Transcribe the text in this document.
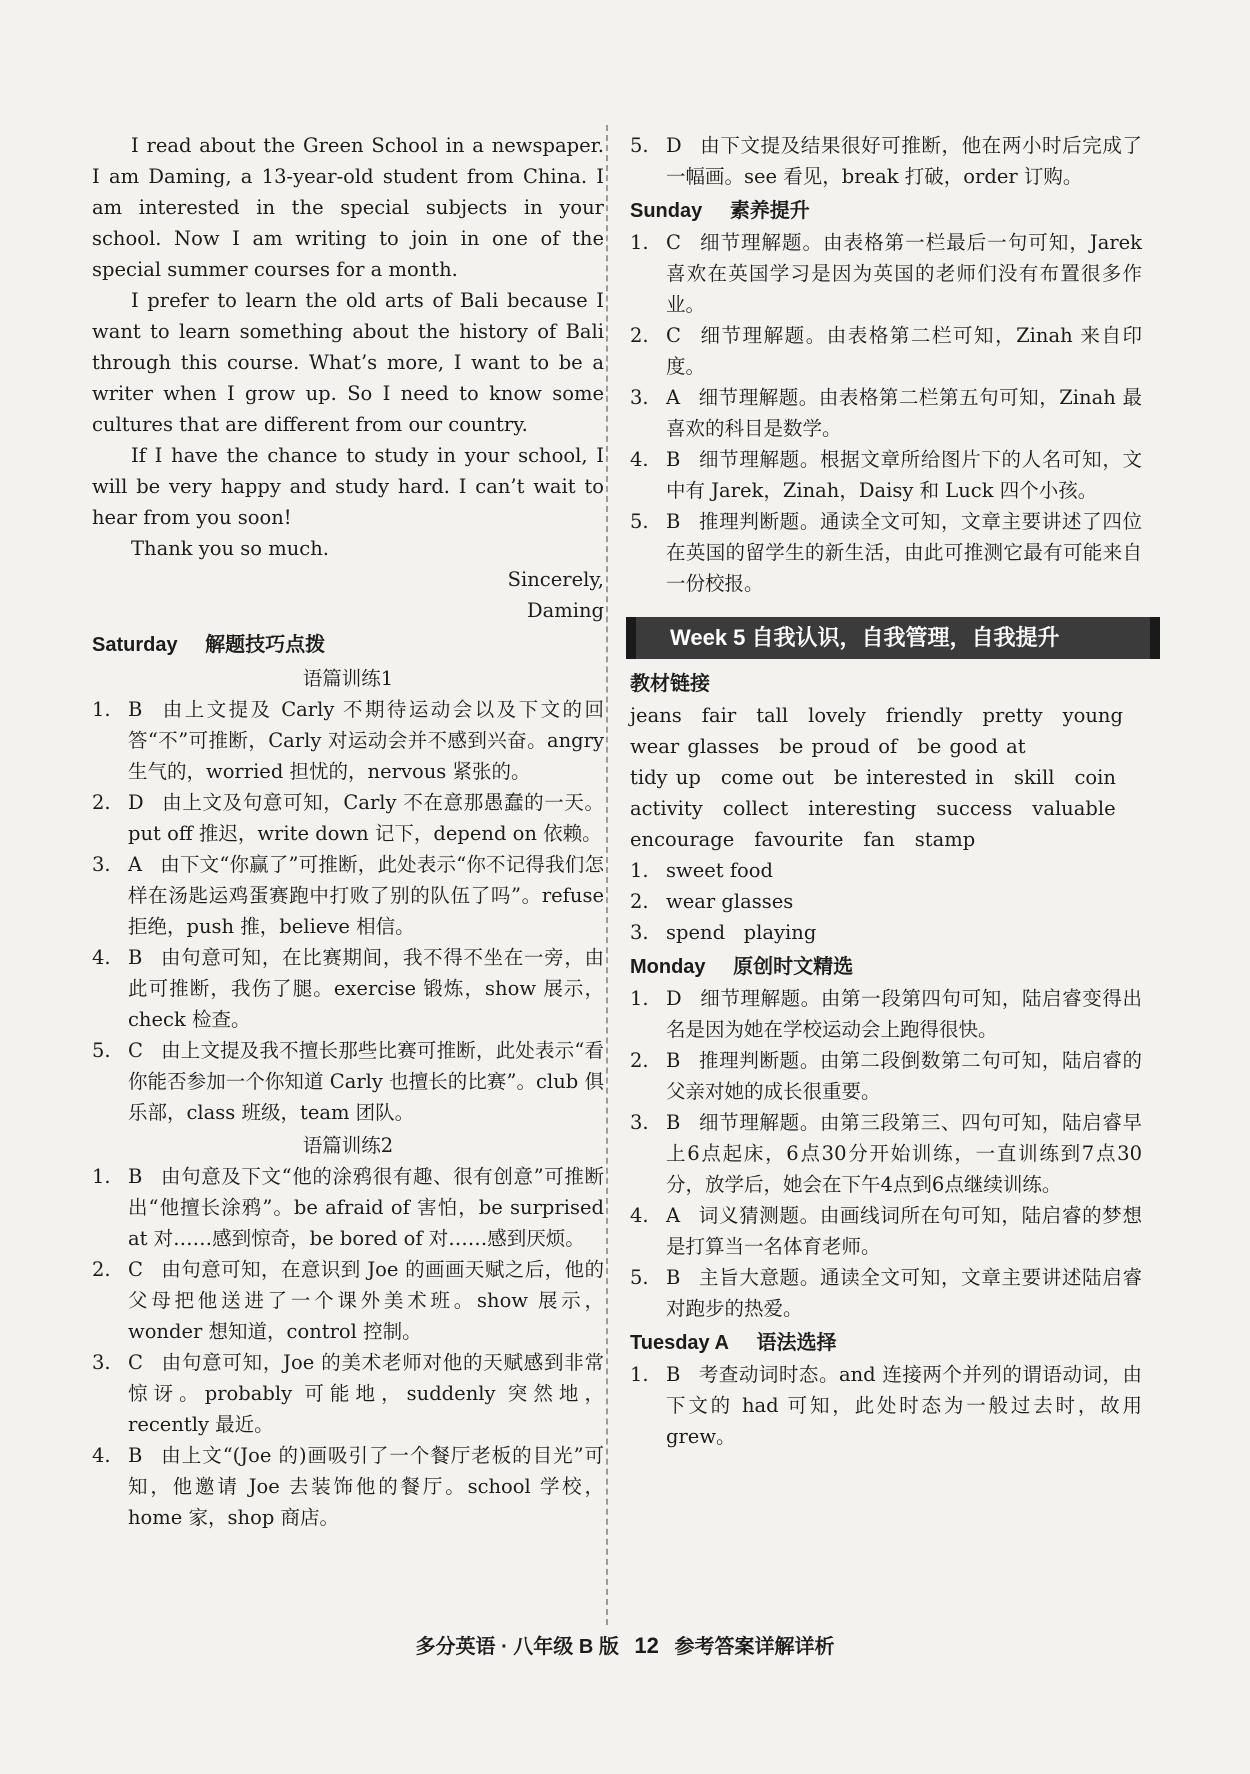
I read about the Green School in a newspaper. I am Daming, a 13-year-old student from China. I am interested in the special subjects in your school. Now I am writing to join in one of the special summer courses for a month.

I prefer to learn the old arts of Bali because I want to learn something about the history of Bali through this course. What’s more, I want to be a writer when I grow up. So I need to know some cultures that are different from our country.

If I have the chance to study in your school, I will be very happy and study hard. I can’t wait to hear from you soon!

Thank you so much.

Sincerely,

Daming

Saturday 解题技巧点拨
语篇训练1
1. B 由上文提及 Carly 不期待运动会以及下文的回答“不”可推断，Carly 对运动会并不感到兴奋。angry 生气的，worried 担忧的，nervous 紧张的。
2. D 由上文及句意可知，Carly 不在意那愚蠢的一天。put off 推迟，write down 记下，depend on 依赖。
3. A 由下文“你赢了”可推断，此处表示“你不记得我们怎样在汤匙运鸡蛋赛跑中打败了别的队伍了吗”。refuse 拒绝，push 推，believe 相信。
4. B 由句意可知，在比赛期间，我不得不坐在一旁，由此可推断，我伤了腿。exercise 锻炼，show 展示，check 检查。
5. C 由上文提及我不擅长那些比赛可推断，此处表示“看你能否参加一个你知道 Carly 也擅长的比赛”。club 俱乐部，class 班级，team 团队。
语篇训练2
1. B 由句意及下文“他的涂鸦很有趣、很有创意”可推断出“他擅长涂鸦”。be afraid of 害怕，be surprised at 对……感到惊奇，be bored of 对……感到厌烦。
2. C 由句意可知，在意识到 Joe 的画画天赋之后，他的父母把他送进了一个课外美术班。show 展示，wonder 想知道，control 控制。
3. C 由句意可知，Joe 的美术老师对他的天赋感到非常惊讶。probably 可能地，suddenly 突然地，recently 最近。
4. B 由上文“(Joe 的)画吸引了一个餐厅老板的目光”可知，他邀请 Joe 去装饰他的餐厅。school 学校，home 家，shop 商店。
5. D 由下文提及结果很好可推断，他在两小时后完成了一幅画。see 看见，break 打破，order 订购。
Sunday 素养提升
1. C 细节理解题。由表格第一栏最后一句可知，Jarek 喜欢在英国学习是因为英国的老师们没有布置很多作业。
2. C 细节理解题。由表格第二栏可知，Zinah 来自印度。
3. A 细节理解题。由表格第二栏第五句可知，Zinah 最喜欢的科目是数学。
4. B 细节理解题。根据文章所给图片下的人名可知，文中有 Jarek，Zinah，Daisy 和 Luck 四个小孩。
5. B 推理判断题。通读全文可知，文章主要讲述了四位在英国的留学生的新生活，由此可推测它最有可能来自一份校报。
Week 5 自我认识，自我管理，自我提升
教材链接
jeans fair tall lovely friendly pretty young
wear glasses be proud of be good at
tidy up come out be interested in skill coin
activity collect interesting success valuable
encourage favourite fan stamp
1. sweet food
2. wear glasses
3. spend   playing
Monday 原创时文精选
1. D 细节理解题。由第一段第四句可知，陆启睿变得出名是因为她在学校运动会上跑得很快。
2. B 推理判断题。由第二段倒数第二句可知，陆启睿的父亲对她的成长很重要。
3. B 细节理解题。由第三段第三、四句可知，陆启睿早上6点起床，6点30分开始训练，一直训练到7点30分，放学后，她会在下午4点到6点继续训练。
4. A 词义猜测题。由画线词所在句可知，陆启睿的梦想是打算当一名体育老师。
5. B 主旨大意题。通读全文可知，文章主要讲述陆启睿对跑步的热爱。
Tuesday A 语法选择
1. B 考查动词时态。and 连接两个并列的谓语动词，由下文的 had 可知，此处时态为一般过去时，故用 grew。
多分英语 · 八年级 B 版 12 参考答案详解详析
